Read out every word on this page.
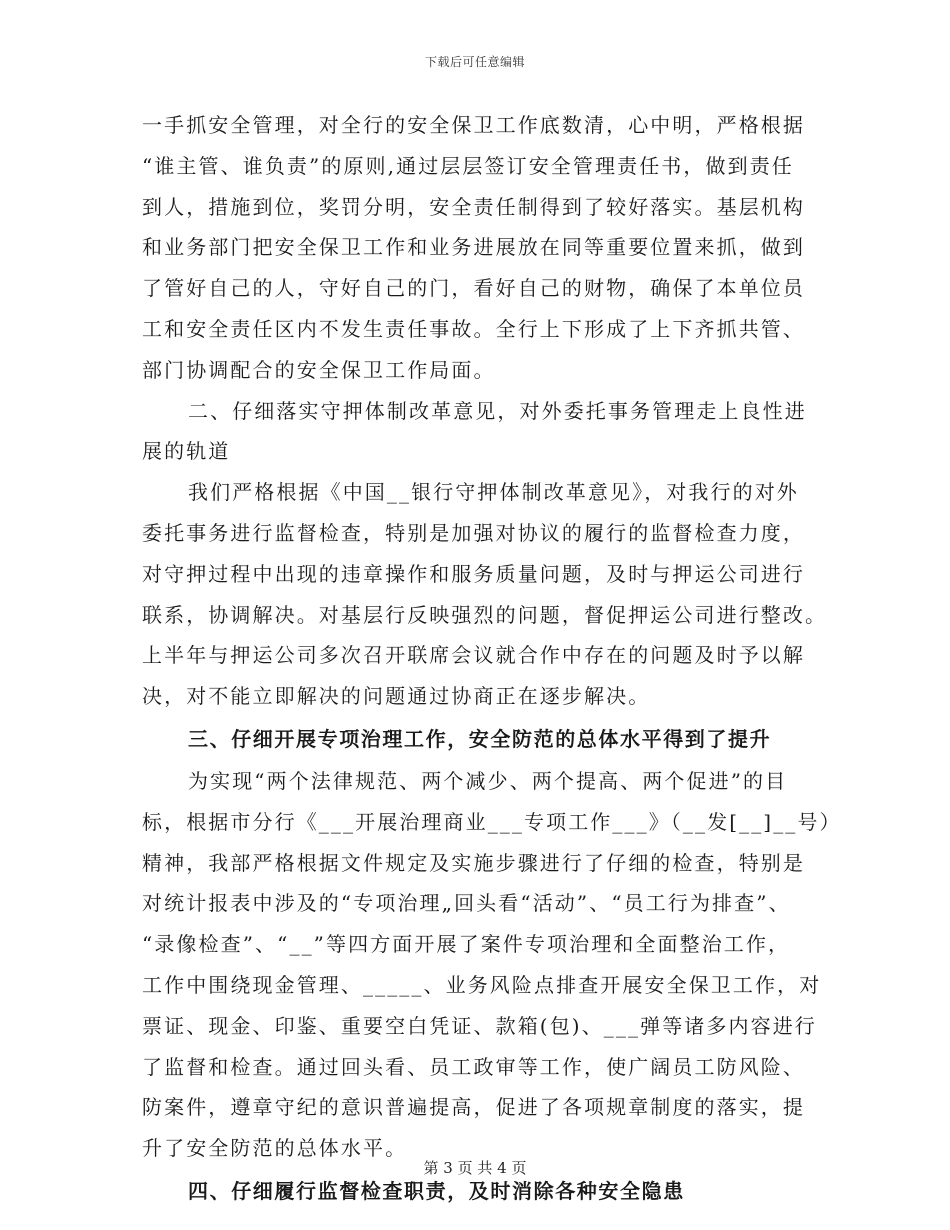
下载后可任意编辑
一手抓安全管理，对全行的安全保卫工作底数清，心中明，严格根据
“谁主管、谁负责”的原则,通过层层签订安全管理责任书，做到责任
到人，措施到位，奖罚分明，安全责任制得到了较好落实。基层机构
和业务部门把安全保卫工作和业务进展放在同等重要位置来抓，做到
了管好自己的人，守好自己的门，看好自己的财物，确保了本单位员
工和安全责任区内不发生责任事故。全行上下形成了上下齐抓共管、
部门协调配合的安全保卫工作局面。
二、仔细落实守押体制改革意见，对外委托事务管理走上良性进
展的轨道
我们严格根据《中国__银行守押体制改革意见》，对我行的对外
委托事务进行监督检查，特别是加强对协议的履行的监督检查力度，
对守押过程中出现的违章操作和服务质量问题，及时与押运公司进行
联系，协调解决。对基层行反映强烈的问题，督促押运公司进行整改。
上半年与押运公司多次召开联席会议就合作中存在的问题及时予以解
决，对不能立即解决的问题通过协商正在逐步解决。
三、仔细开展专项治理工作，安全防范的总体水平得到了提升
为实现“两个法律规范、两个减少、两个提高、两个促进”的目
标，根据市分行《___开展治理商业___专项工作___》（__发[__]__号）
精神，我部严格根据文件规定及实施步骤进行了仔细的检查，特别是
对统计报表中涉及的“专项治理„回头看“活动”、“员工行为排查”、
“录像检查”、“__”等四方面开展了案件专项治理和全面整治工作，
工作中围绕现金管理、_____、业务风险点排查开展安全保卫工作，对
票证、现金、印鉴、重要空白凭证、款箱(包)、___弹等诸多内容进行
了监督和检查。通过回头看、员工政审等工作，使广阔员工防风险、
防案件，遵章守纪的意识普遍提高，促进了各项规章制度的落实，提
升了安全防范的总体水平。
四、仔细履行监督检查职责，及时消除各种安全隐患
第 3 页 共 4 页
